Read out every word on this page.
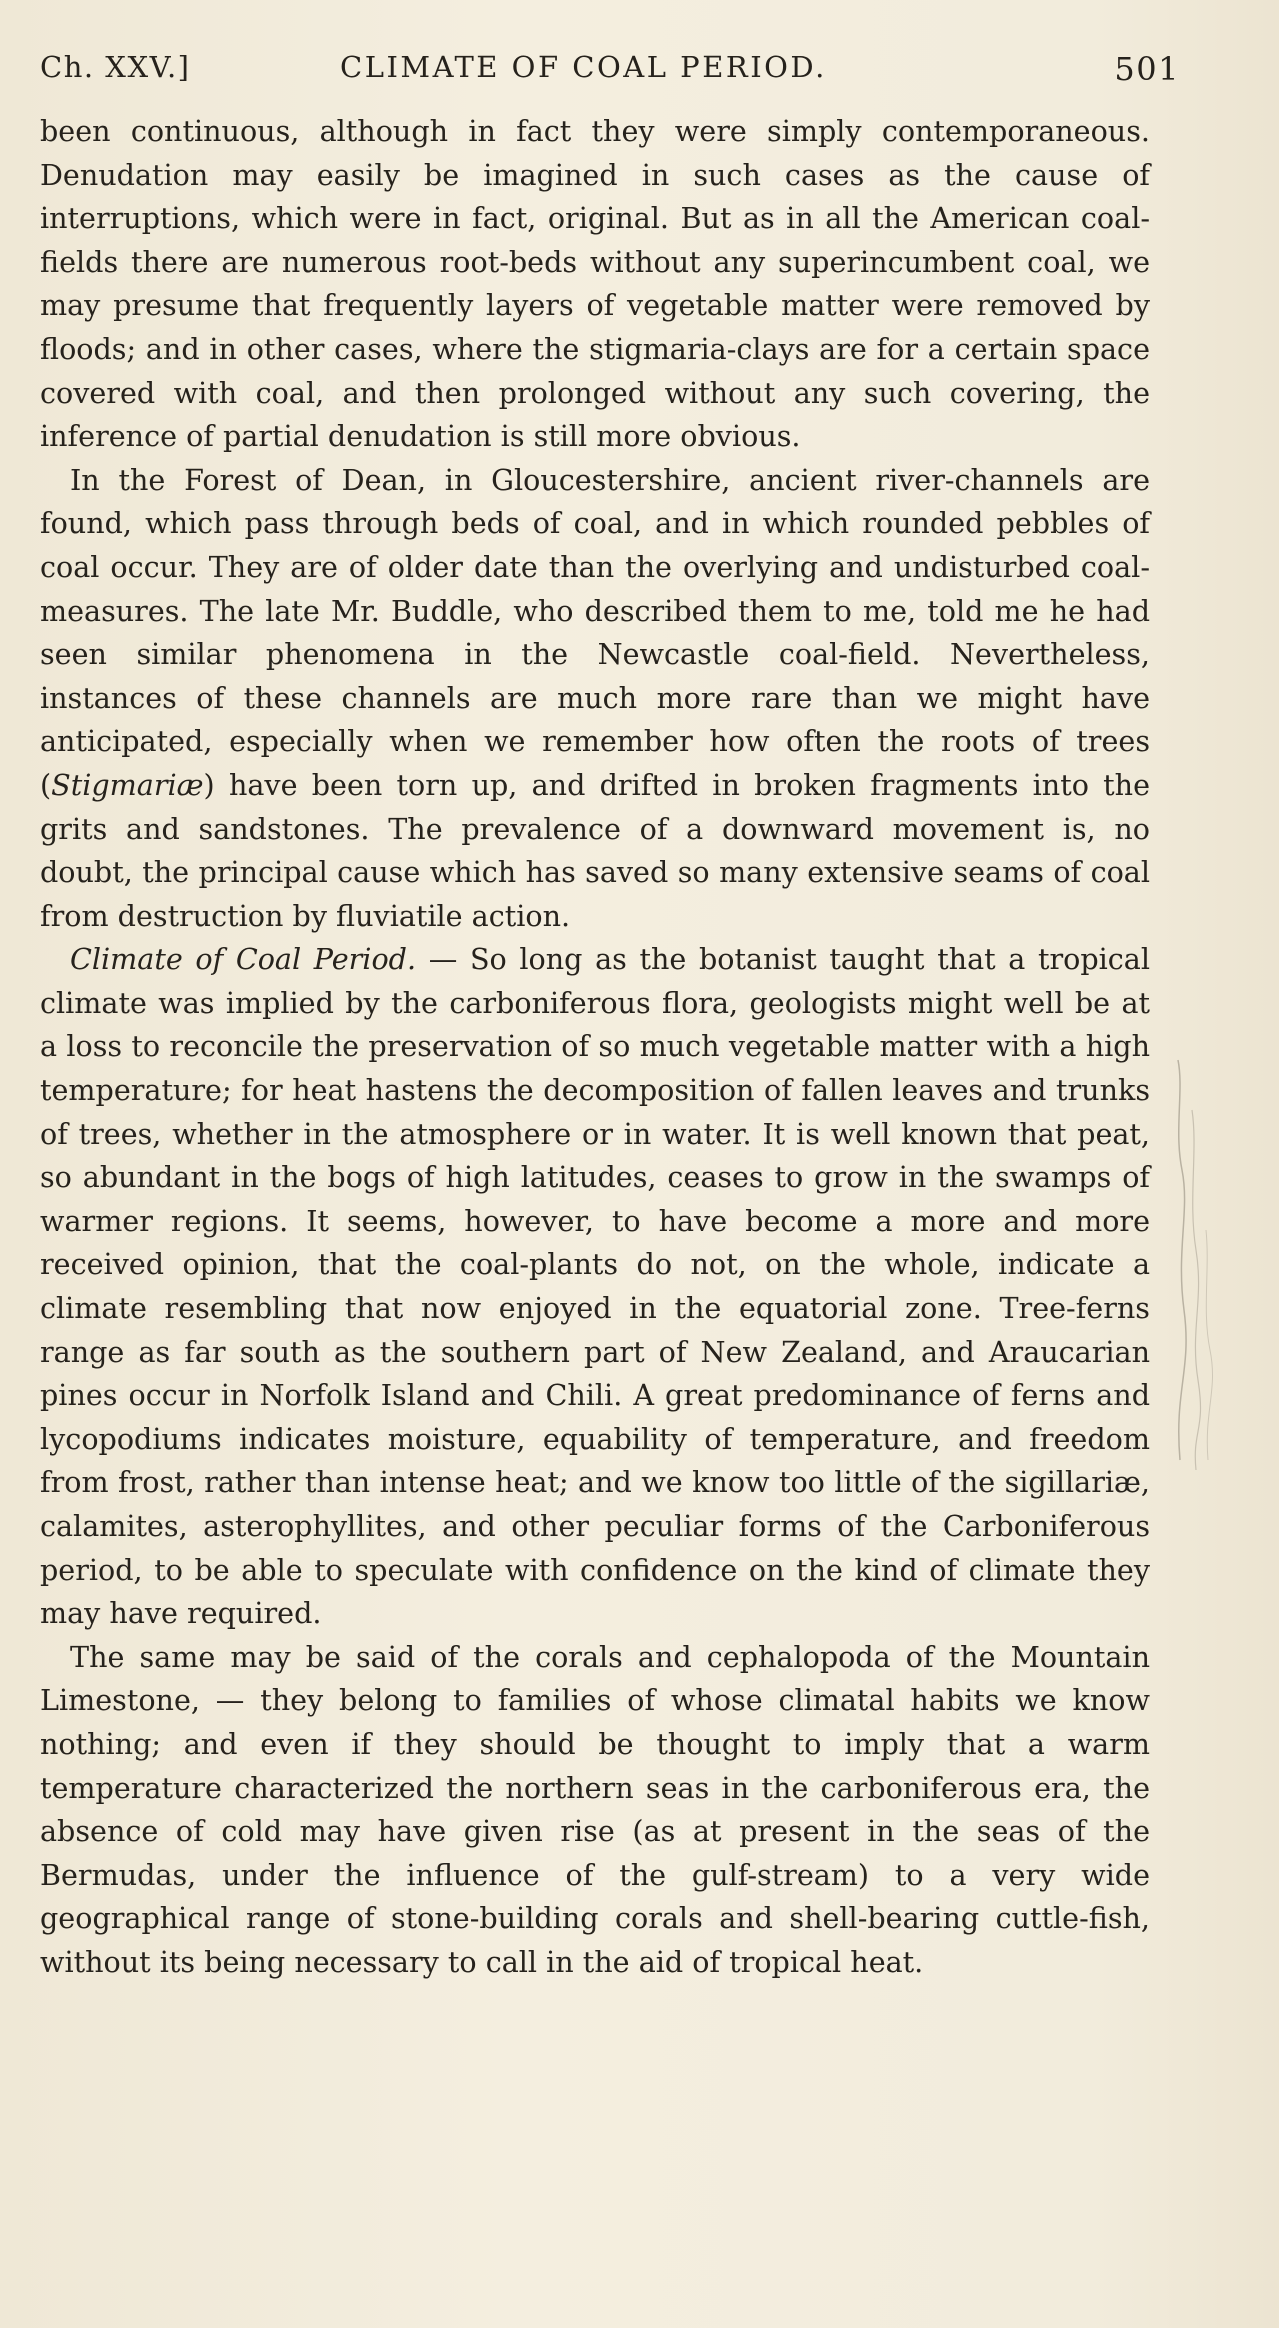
Ch. XXV.]	CLIMATE OF COAL PERIOD.	501

been continuous, although in fact they were simply contemporaneous. Denudation may easily be imagined in such cases as the cause of interruptions, which were in fact, original. But as in all the American coal-fields there are numerous root-beds without any superincumbent coal, we may presume that frequently layers of vegetable matter were removed by floods; and in other cases, where the stigmaria-clays are for a certain space covered with coal, and then prolonged without any such covering, the inference of partial denudation is still more obvious.

In the Forest of Dean, in Gloucestershire, ancient river-channels are found, which pass through beds of coal, and in which rounded pebbles of coal occur. They are of older date than the overlying and undisturbed coal-measures. The late Mr. Buddle, who described them to me, told me he had seen similar phenomena in the Newcastle coal-field. Nevertheless, instances of these channels are much more rare than we might have anticipated, especially when we remember how often the roots of trees (Stigmariæ) have been torn up, and drifted in broken fragments into the grits and sandstones. The prevalence of a downward movement is, no doubt, the principal cause which has saved so many extensive seams of coal from destruction by fluviatile action.

Climate of Coal Period. — So long as the botanist taught that a tropical climate was implied by the carboniferous flora, geologists might well be at a loss to reconcile the preservation of so much vegetable matter with a high temperature; for heat hastens the decomposition of fallen leaves and trunks of trees, whether in the atmosphere or in water. It is well known that peat, so abundant in the bogs of high latitudes, ceases to grow in the swamps of warmer regions. It seems, however, to have become a more and more received opinion, that the coal-plants do not, on the whole, indicate a climate resembling that now enjoyed in the equatorial zone. Tree-ferns range as far south as the southern part of New Zealand, and Araucarian pines occur in Norfolk Island and Chili. A great predominance of ferns and lycopodiums indicates moisture, equability of temperature, and freedom from frost, rather than intense heat; and we know too little of the sigillariæ, calamites, asterophyllites, and other peculiar forms of the Carboniferous period, to be able to speculate with confidence on the kind of climate they may have required.

The same may be said of the corals and cephalopoda of the Mountain Limestone, — they belong to families of whose climatal habits we know nothing; and even if they should be thought to imply that a warm temperature characterized the northern seas in the carboniferous era, the absence of cold may have given rise (as at present in the seas of the Bermudas, under the influence of the gulf-stream) to a very wide geographical range of stone-building corals and shell-bearing cuttle-fish, without its being necessary to call in the aid of tropical heat.
